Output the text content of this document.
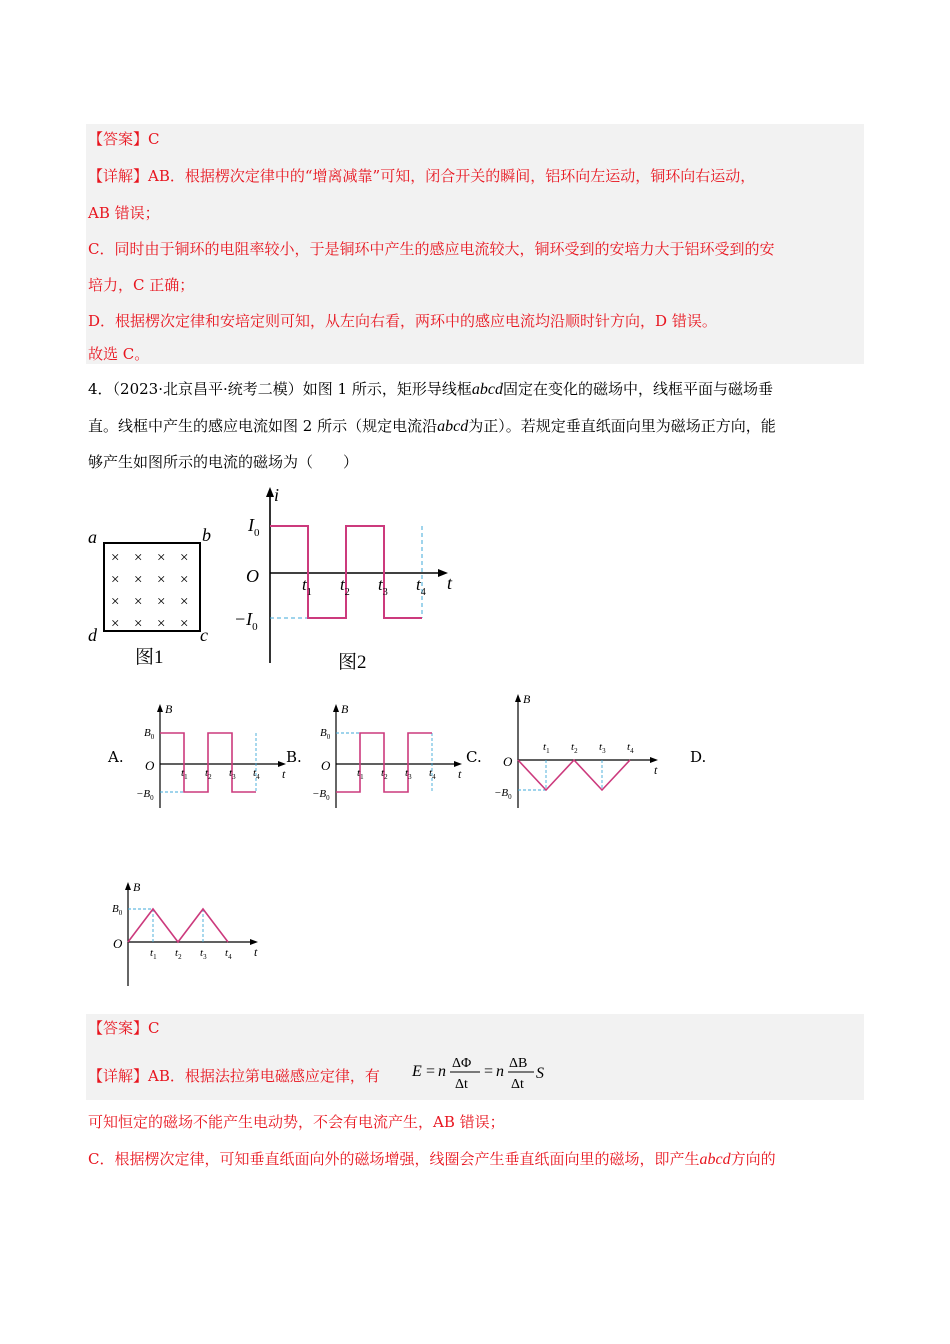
【答案】C
【详解】AB．根据楞次定律中的“增离减靠”可知，闭合开关的瞬间，铝环向左运动，铜环向右运动，
AB 错误；
C．同时由于铜环的电阻率较小，于是铜环中产生的感应电流较大，铜环受到的安培力大于铝环受到的安
培力，C 正确；
D．根据楞次定律和安培定则可知，从左向右看，两环中的感应电流均沿顺时针方向，D 错误。
故选 C。
4．（2023·北京昌平·统考二模）如图 1 所示，矩形导线框abcd固定在变化的磁场中，线框平面与磁场垂
直。线框中产生的感应电流如图 2 所示（规定电流沿abcd为正）。若规定垂直纸面向里为磁场正方向，能
够产生如图所示的电流的磁场为（　　）
× × × ×
× × × ×
× × × ×
× × × ×
a	b
c
d
图1
i
t
O
$I_0$
$-I_0$
$t_1$ $t_2$ $t_3$ $t_4$
图2
A.	B.	C.	D.
B
t
O
$B_0$
$-B_0$
$t_1$ $t_2$ $t_3$ $t_4$
B
t
O
$B_0$
$-B_0$
$t_1$ $t_2$ $t_3$ $t_4$
B
t
O
$-B_0$
$t_1$ $t_2$ $t_3$ $t_4$
B
t
O
$B_0$
$t_1$ $t_2$ $t_3$ $t_4$
【答案】C
【详解】AB．根据法拉第电磁感应定律，有 E = n ΔΦ
Δt
= n ΔB
Δt
S
可知恒定的磁场不能产生电动势，不会有电流产生，AB 错误；
C．根据楞次定律，可知垂直纸面向外的磁场增强，线圈会产生垂直纸面向里的磁场，即产生abcd方向的
